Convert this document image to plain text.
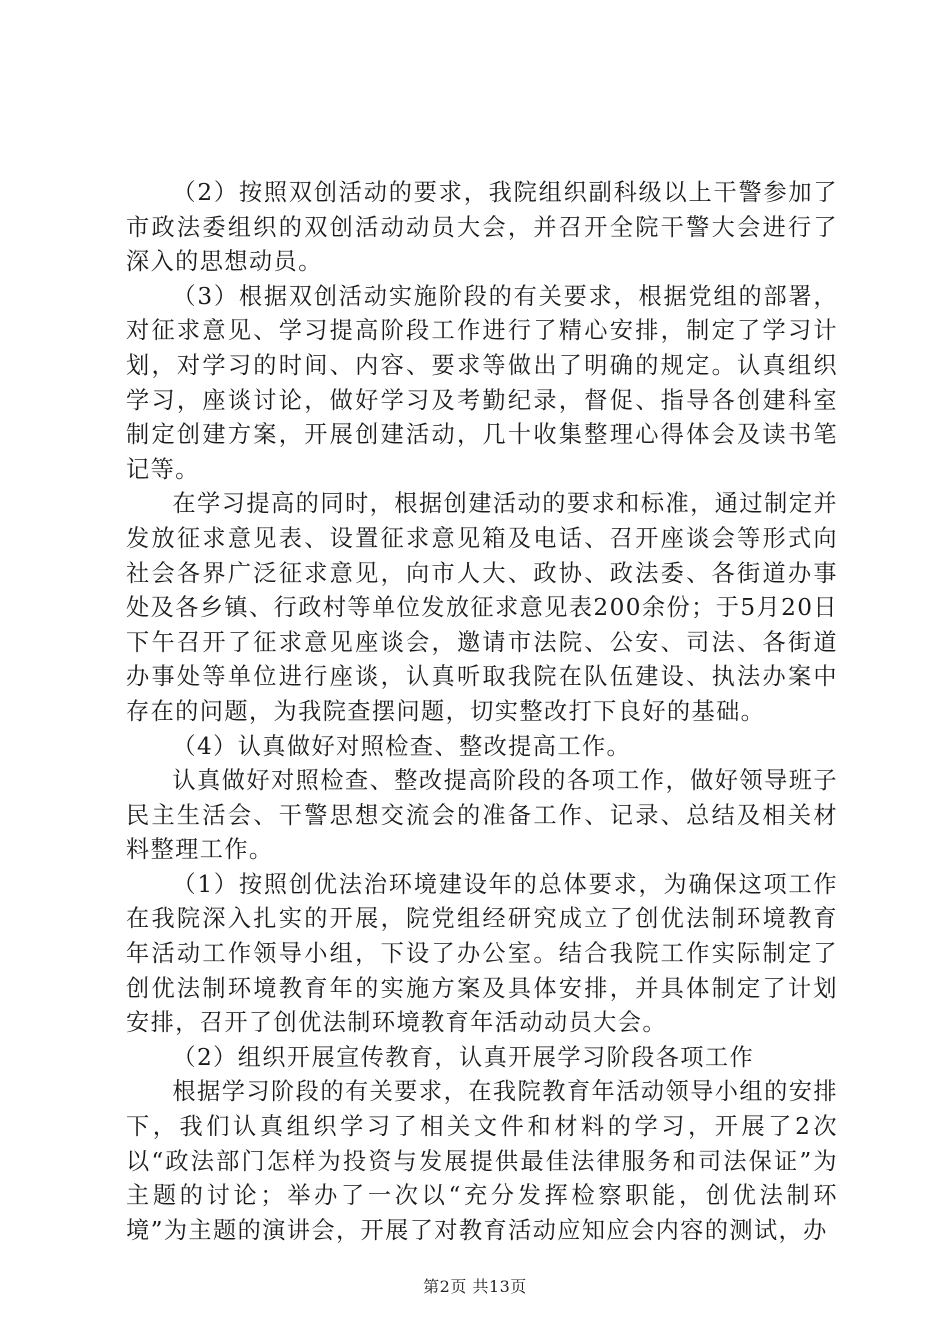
（2）按照双创活动的要求，我院组织副科级以上干警参加了市政法委组织的双创活动动员大会，并召开全院干警大会进行了深入的思想动员。

（3）根据双创活动实施阶段的有关要求，根据党组的部署，对征求意见、学习提高阶段工作进行了精心安排，制定了学习计划，对学习的时间、内容、要求等做出了明确的规定。认真组织学习，座谈讨论，做好学习及考勤纪录，督促、指导各创建科室制定创建方案，开展创建活动，几十收集整理心得体会及读书笔记等。

在学习提高的同时，根据创建活动的要求和标准，通过制定并发放征求意见表、设置征求意见箱及电话、召开座谈会等形式向社会各界广泛征求意见，向市人大、政协、政法委、各街道办事处及各乡镇、行政村等单位发放征求意见表200余份；于5月20日下午召开了征求意见座谈会，邀请市法院、公安、司法、各街道办事处等单位进行座谈，认真听取我院在队伍建设、执法办案中存在的问题，为我院查摆问题，切实整改打下良好的基础。

（4）认真做好对照检查、整改提高工作。

认真做好对照检查、整改提高阶段的各项工作，做好领导班子民主生活会、干警思想交流会的准备工作、记录、总结及相关材料整理工作。

（1）按照创优法治环境建设年的总体要求，为确保这项工作在我院深入扎实的开展，院党组经研究成立了创优法制环境教育年活动工作领导小组，下设了办公室。结合我院工作实际制定了创优法制环境教育年的实施方案及具体安排，并具体制定了计划安排，召开了创优法制环境教育年活动动员大会。

（2）组织开展宣传教育，认真开展学习阶段各项工作

根据学习阶段的有关要求，在我院教育年活动领导小组的安排下，我们认真组织学习了相关文件和材料的学习，开展了2次以“政法部门怎样为投资与发展提供最佳法律服务和司法保证”为主题的讨论；举办了一次以“充分发挥检察职能，创优法制环境”为主题的演讲会，开展了对教育活动应知应会内容的测试，办

第2页 共13页
